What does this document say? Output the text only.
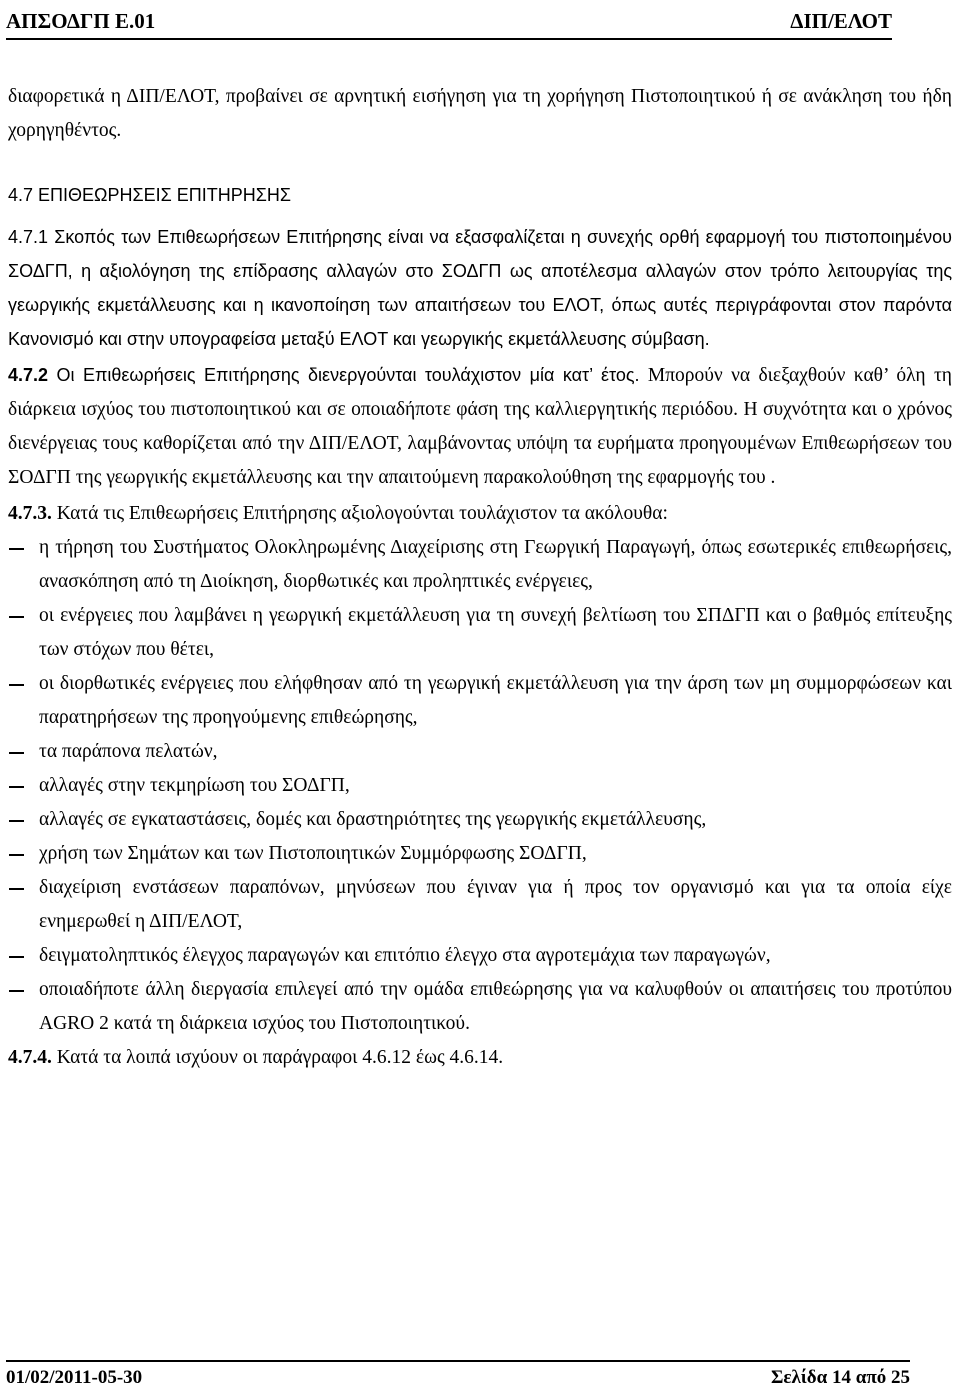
ΑΠΣΟΔΓΠ Ε.01	ΔΙΠ/ΕΛΟΤ

διαφορετικά η ΔΙΠ/ΕΛΟΤ, προβαίνει σε αρνητική εισήγηση για τη χορήγηση Πιστοποιητικού ή σε ανάκληση του ήδη χορηγηθέντος.

4.7 ΕΠΙΘΕΩΡΗΣΕΙΣ ΕΠΙΤΗΡΗΣΗΣ

4.7.1 Σκοπός των Επιθεωρήσεων Επιτήρησης είναι να εξασφαλίζεται η συνεχής ορθή εφαρμογή του πιστοποιημένου ΣΟΔΓΠ, η αξιολόγηση της επίδρασης αλλαγών στο ΣΟΔΓΠ ως αποτέλεσμα αλλαγών στον τρόπο λειτουργίας της γεωργικής εκμετάλλευσης και η ικανοποίηση των απαιτήσεων του ΕΛΟΤ, όπως αυτές περιγράφονται στον παρόντα Κανονισμό και στην υπογραφείσα μεταξύ ΕΛΟΤ και γεωργικής εκμετάλλευσης σύμβαση.

4.7.2 Οι Επιθεωρήσεις Επιτήρησης διενεργούνται τουλάχιστον μία κατ’ έτος. Μπορούν να διεξαχθούν καθ’ όλη τη διάρκεια ισχύος του πιστοποιητικού και σε οποιαδήποτε φάση της καλλιεργητικής περιόδου. Η συχνότητα και ο χρόνος διενέργειας τους καθορίζεται από την ΔΙΠ/ΕΛΟΤ, λαμβάνοντας υπόψη τα ευρήματα προηγουμένων Επιθεωρήσεων του ΣΟΔΓΠ της γεωργικής εκμετάλλευσης και την απαιτούμενη παρακολούθηση της εφαρμογής του .

4.7.3. Κατά τις Επιθεωρήσεις Επιτήρησης αξιολογούνται τουλάχιστον τα ακόλουθα:

η τήρηση του Συστήματος Ολοκληρωμένης Διαχείρισης στη Γεωργική Παραγωγή, όπως εσωτερικές επιθεωρήσεις, ανασκόπηση από τη Διοίκηση, διορθωτικές και προληπτικές ενέργειες,
οι ενέργειες που λαμβάνει η γεωργική εκμετάλλευση για τη συνεχή βελτίωση του ΣΠΔΓΠ και ο βαθμός επίτευξης των στόχων που θέτει,
οι διορθωτικές ενέργειες που ελήφθησαν από τη γεωργική εκμετάλλευση για την άρση των μη συμμορφώσεων και παρατηρήσεων της προηγούμενης επιθεώρησης,
τα παράπονα πελατών,
αλλαγές στην τεκμηρίωση του ΣΟΔΓΠ,
αλλαγές σε εγκαταστάσεις, δομές και δραστηριότητες της γεωργικής εκμετάλλευσης,
χρήση των Σημάτων και των Πιστοποιητικών Συμμόρφωσης ΣΟΔΓΠ,
διαχείριση ενστάσεων παραπόνων, μηνύσεων που έγιναν για ή προς τον οργανισμό και για τα οποία είχε ενημερωθεί η ΔΙΠ/ΕΛΟΤ,
δειγματοληπτικός έλεγχος παραγωγών και επιτόπιο έλεγχο στα αγροτεμάχια των παραγωγών,
οποιαδήποτε άλλη διεργασία επιλεγεί από την ομάδα επιθεώρησης για να καλυφθούν οι απαιτήσεις του προτύπου AGRO 2 κατά τη διάρκεια ισχύος του Πιστοποιητικού.

4.7.4. Κατά τα λοιπά ισχύουν οι παράγραφοι 4.6.12 έως 4.6.14.

01/02/2011-05-30	Σελίδα 14 από 25
